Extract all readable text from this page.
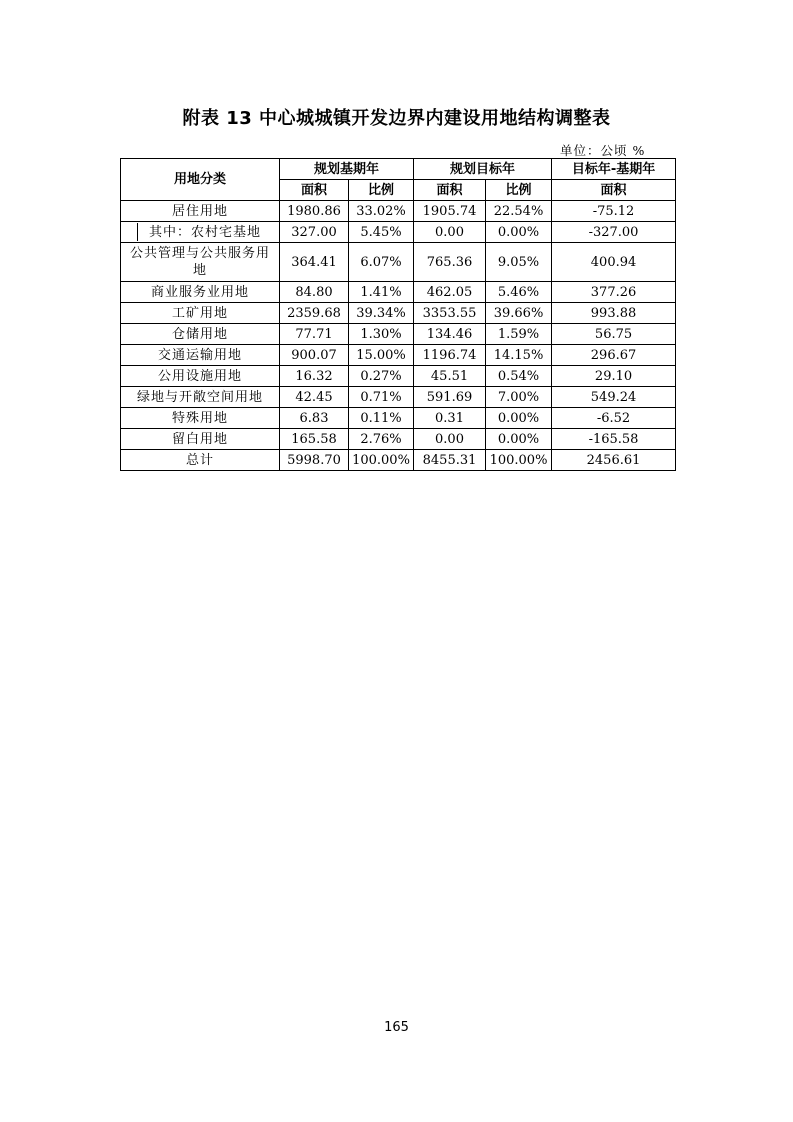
附表 13 中心城城镇开发边界内建设用地结构调整表
单位：公顷 %
用地分类	规划基期年		规划目标年		目标年-基期年
	面积	比例	面积	比例	面积
居住用地	1980.86	33.02%	1905.74	22.54%	-75.12

其中：农村宅基地	327.00	5.45%	0.00	0.00%	-327.00
公共管理与公共服务用地	364.41	6.07%	765.36	9.05%	400.94
商业服务业用地	84.80	1.41%	462.05	5.46%	377.26
工矿用地	2359.68	39.34%	3353.55	39.66%	993.88
仓储用地	77.71	1.30%	134.46	1.59%	56.75
交通运输用地	900.07	15.00%	1196.74	14.15%	296.67
公用设施用地	16.32	0.27%	45.51	0.54%	29.10
绿地与开敞空间用地	42.45	0.71%	591.69	7.00%	549.24
特殊用地	6.83	0.11%	0.31	0.00%	-6.52
留白用地	165.58	2.76%	0.00	0.00%	-165.58
总计	5998.70	100.00%	8455.31	100.00%	2456.61
165
